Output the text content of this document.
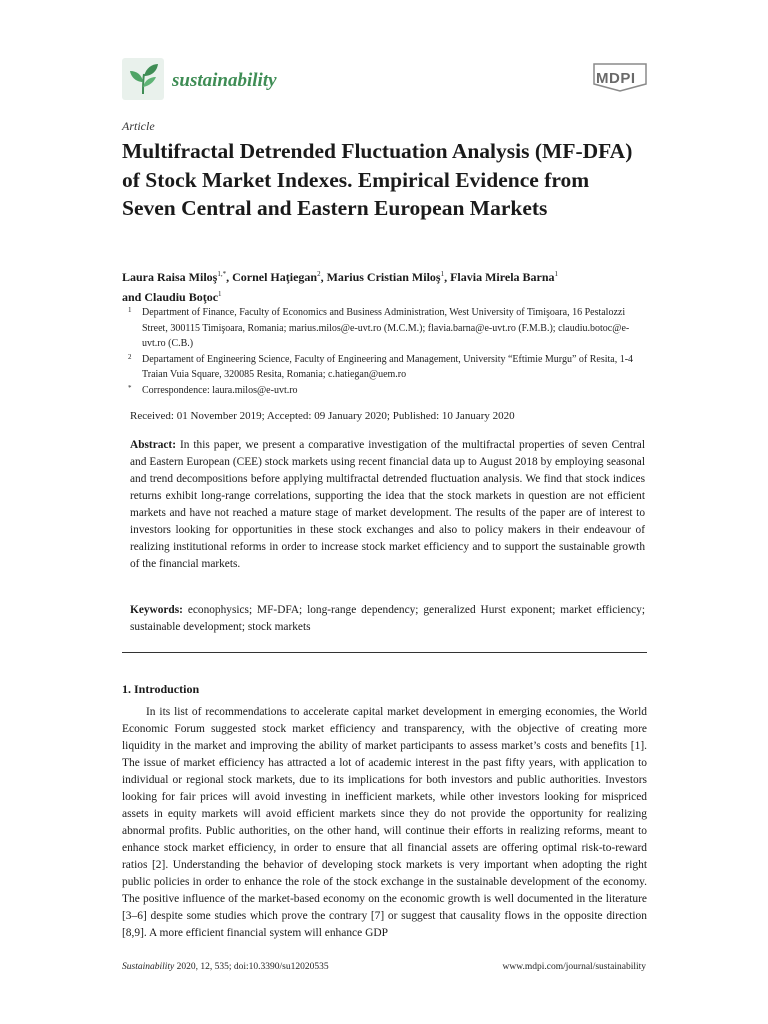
sustainability	MDPI
Article
Multifractal Detrended Fluctuation Analysis (MF-DFA) of Stock Market Indexes. Empirical Evidence from Seven Central and Eastern European Markets
Laura Raisa Miloş$^{1,*}$, Cornel Haţiegan$^2$, Marius Cristian Miloş$^1$, Flavia Mirela Barna$^1$
and Claudiu Boţoc$^1$
1 Department of Finance, Faculty of Economics and Business Administration, West University of Timişoara, 16 Pestalozzi Street, 300115 Timişoara, Romania; marius.milos@e-uvt.ro (M.C.M.); flavia.barna@e-uvt.ro (F.M.B.); claudiu.botoc@e-uvt.ro (C.B.)
2 Departament of Engineering Science, Faculty of Engineering and Management, University “Eftimie Murgu” of Resita, 1-4 Traian Vuia Square, 320085 Resita, Romania; c.hatiegan@uem.ro
* Correspondence: laura.milos@e-uvt.ro
Received: 01 November 2019; Accepted: 09 January 2020; Published: 10 January 2020

Abstract: In this paper, we present a comparative investigation of the multifractal properties of seven Central and Eastern European (CEE) stock markets using recent financial data up to August 2018 by employing seasonal and trend decompositions before applying multifractal detrended fluctuation analysis. We find that stock indices returns exhibit long-range correlations, supporting the idea that the stock markets in question are not efficient markets and have not reached a mature stage of market development. The results of the paper are of interest to investors looking for opportunities in these stock exchanges and also to policy makers in their endeavour of realizing institutional reforms in order to increase stock market efficiency and to support the sustainable growth of the financial markets.

Keywords: econophysics; MF-DFA; long-range dependency; generalized Hurst exponent; market efficiency; sustainable development; stock markets

1. Introduction

In its list of recommendations to accelerate capital market development in emerging economies, the World Economic Forum suggested stock market efficiency and transparency, with the objective of creating more liquidity in the market and improving the ability of market participants to assess market’s costs and benefits [1]. The issue of market efficiency has attracted a lot of academic interest in the past fifty years, with application to individual or regional stock markets, due to its implications for both investors and public authorities. Investors looking for fair prices will avoid investing in inefficient markets, while other investors looking for mispriced assets in equity markets will avoid efficient markets since they do not provide the opportunity for realizing abnormal profits. Public authorities, on the other hand, will continue their efforts in realizing reforms, meant to enhance stock market efficiency, in order to ensure that all financial assets are offering optimal risk-to-reward ratios [2]. Understanding the behavior of developing stock markets is very important when adopting the right public policies in order to enhance the role of the stock exchange in the sustainable development of the economy. The positive influence of the market-based economy on the economic growth is well documented in the literature [3–6] despite some studies which prove the contrary [7] or suggest that causality flows in the opposite direction [8,9]. A more efficient financial system will enhance GDP

Sustainability 2020, 12, 535; doi:10.3390/su12020535	www.mdpi.com/journal/sustainability
